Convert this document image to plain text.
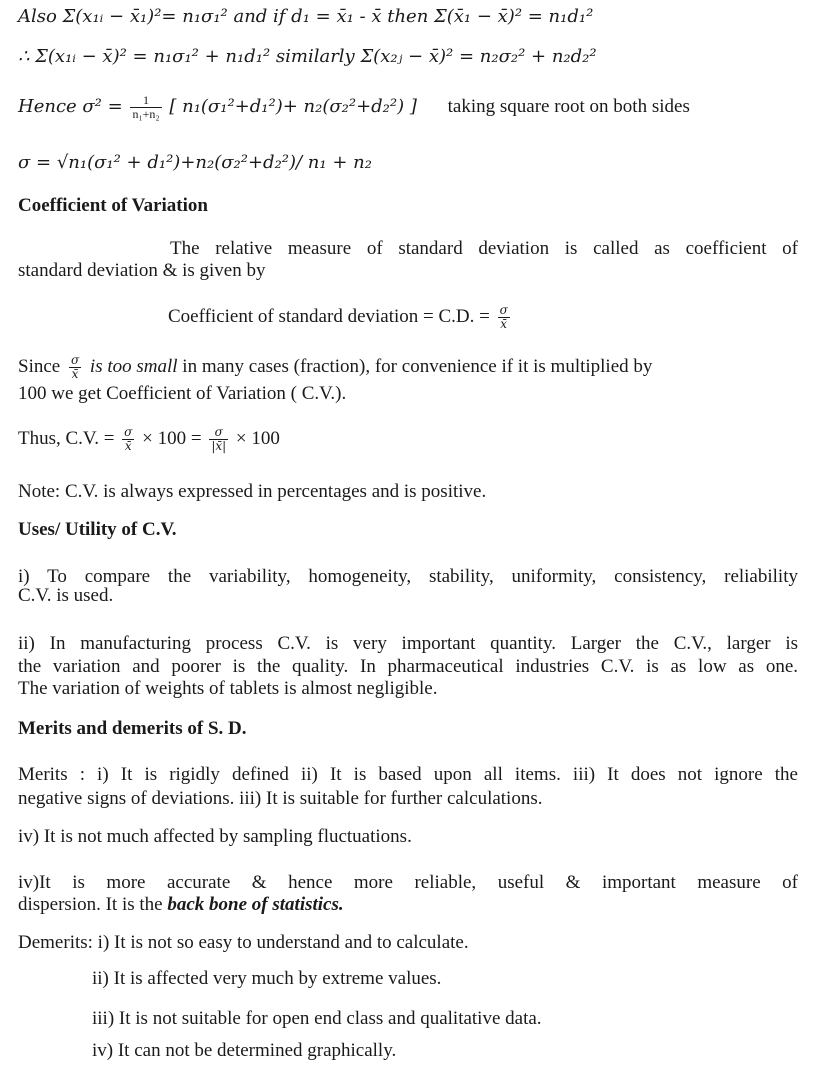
Also Σ(x₁ᵢ − x̄₁)²= n₁σ₁² and if d₁ = x̄₁ - x̄ then Σ(x̄₁ − x̄)² = n₁d₁²
∴ Σ(x₁ᵢ − x̄)² = n₁σ₁² + n₁d₁² similarly Σ(x₂ⱼ − x̄)² = n₂σ₂² + n₂d₂²
Hence $\sigma^2 = \frac{1}{\text{n₁+n₂}}$ [ n₁(σ₁²+d₁²)+ n₂(σ₂²+d₂²) ] taking square root on both sides
σ = √n₁(σ₁² + d₁²)+n₂(σ₂²+d₂²)/ n₁ + n₂
Coefficient of Variation
The relative measure of standard deviation is called as coefficient of
standard deviation & is given by
Coefficient of standard deviation = C.D. = $\frac{\sigma}{x̄}$
Since $\frac{\sigma}{x̄}$ is too small in many cases (fraction), for convenience if it is multiplied by
100 we get Coefficient of Variation ( C.V.).
Thus, C.V. = $\frac{\sigma}{x̄} \times 100 = \frac{\sigma}{|x̄|} \times 100$
Note: C.V. is always expressed in percentages and is positive.
Uses/ Utility of C.V.
i) To compare the variability, homogeneity, stability, uniformity, consistency, reliability
C.V. is used.
ii) In manufacturing process C.V. is very important quantity. Larger the C.V., larger is
the variation and poorer is the quality. In pharmaceutical industries C.V. is as low as one.
The variation of weights of tablets is almost negligible.
Merits and demerits of S. D.
Merits : i) It is rigidly defined ii) It is based upon all items. iii) It does not ignore the
negative signs of deviations. iii) It is suitable for further calculations.
iv) It is not much affected by sampling fluctuations.
iv)It is more accurate & hence more reliable, useful & important measure of
dispersion. It is the back bone of statistics.
Demerits: i) It is not so easy to understand and to calculate.
ii) It is affected very much by extreme values.
iii) It is not suitable for open end class and qualitative data.
iv) It can not be determined graphically.
